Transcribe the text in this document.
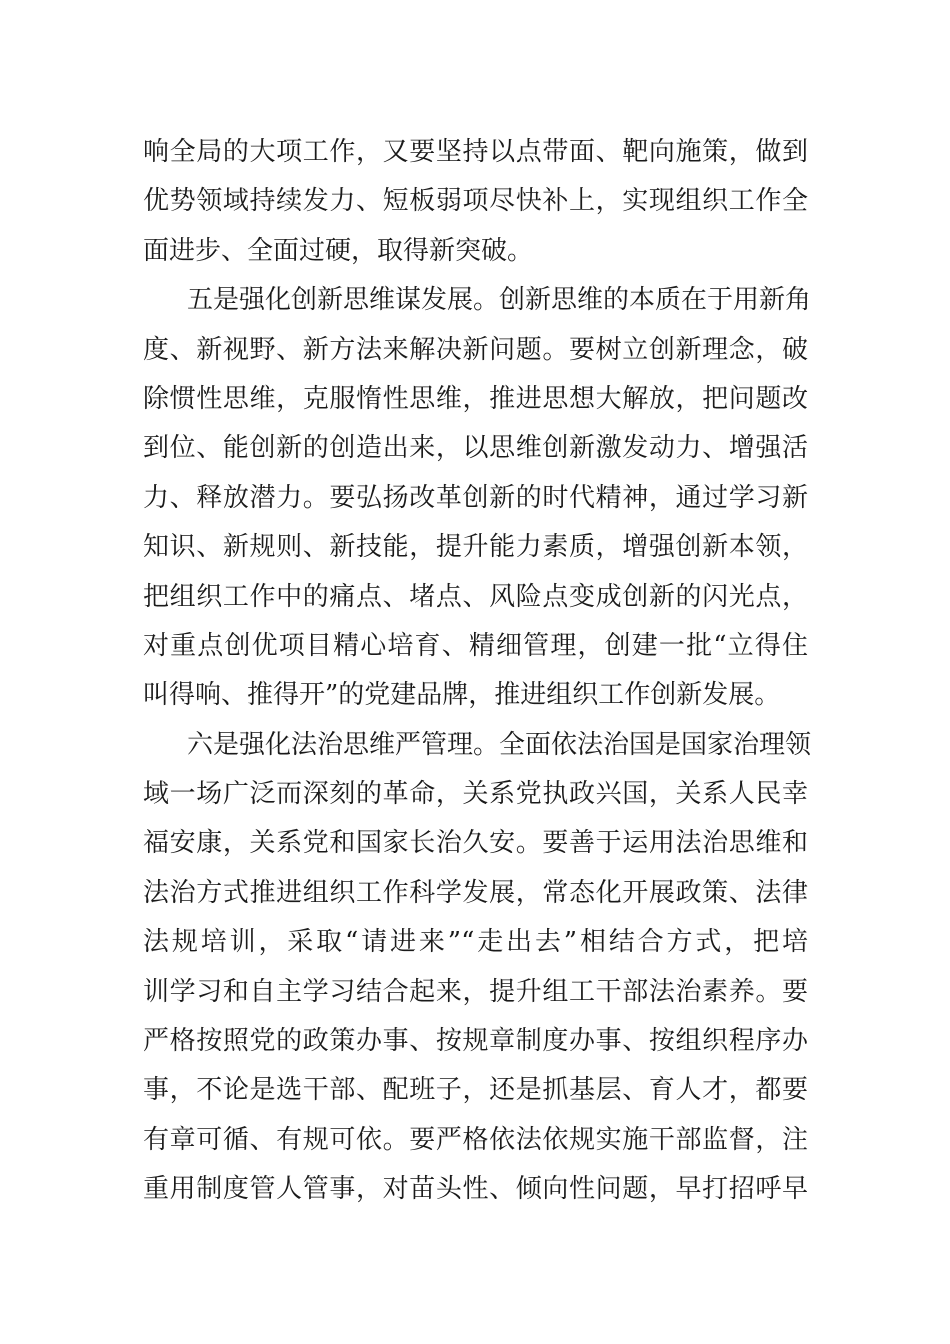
响全局的大项工作，又要坚持以点带面、靶向施策，做到
优势领域持续发力、短板弱项尽快补上，实现组织工作全
面进步、全面过硬，取得新突破。
五是强化创新思维谋发展。创新思维的本质在于用新角
度、新视野、新方法来解决新问题。要树立创新理念，破
除惯性思维，克服惰性思维，推进思想大解放，把问题改
到位、能创新的创造出来，以思维创新激发动力、增强活
力、释放潜力。要弘扬改革创新的时代精神，通过学习新
知识、新规则、新技能，提升能力素质，增强创新本领，
把组织工作中的痛点、堵点、风险点变成创新的闪光点，
对重点创优项目精心培育、精细管理，创建一批“立得住
叫得响、推得开”的党建品牌，推进组织工作创新发展。
六是强化法治思维严管理。全面依法治国是国家治理领
域一场广泛而深刻的革命，关系党执政兴国，关系人民幸
福安康，关系党和国家长治久安。要善于运用法治思维和
法治方式推进组织工作科学发展，常态化开展政策、法律
法规培训，采取“请进来”“走出去”相结合方式，把培
训学习和自主学习结合起来，提升组工干部法治素养。要
严格按照党的政策办事、按规章制度办事、按组织程序办
事，不论是选干部、配班子，还是抓基层、育人才，都要
有章可循、有规可依。要严格依法依规实施干部监督，注
重用制度管人管事，对苗头性、倾向性问题，早打招呼早
